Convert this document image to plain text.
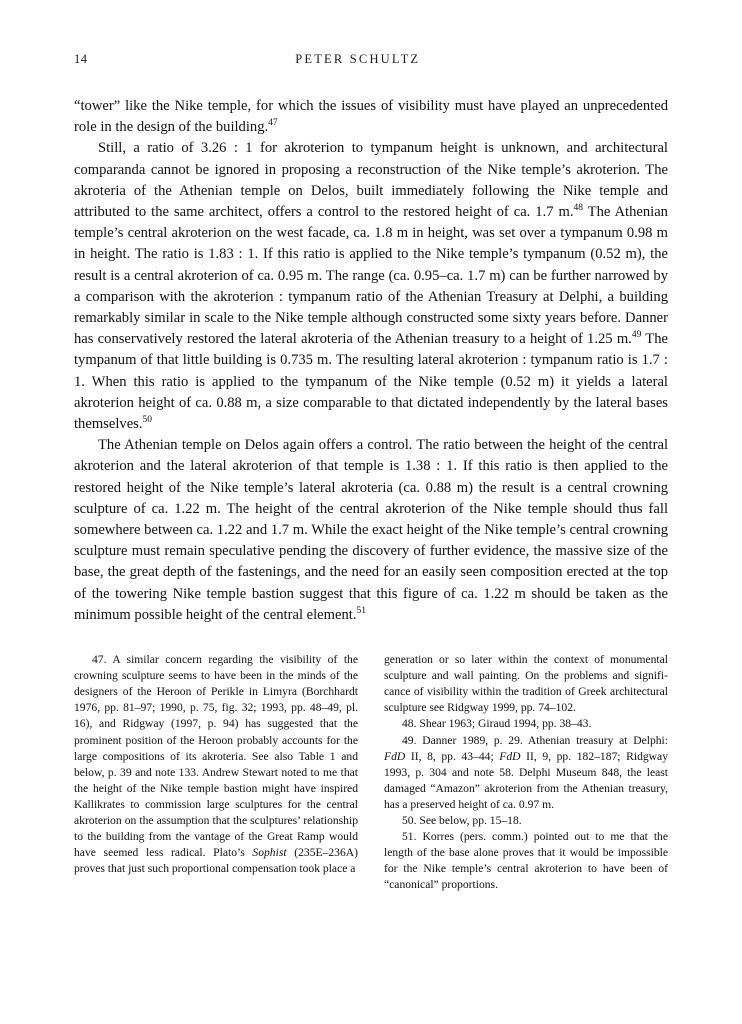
14	PETER SCHULTZ

“tower” like the Nike temple, for which the issues of visibility must have played an unprecedented role in the design of the building.$^{47}$

Still, a ratio of 3.26 : 1 for akroterion to tympanum height is unknown, and architectural comparanda cannot be ignored in proposing a reconstruction of the Nike temple’s akroterion. The akroteria of the Athenian temple on Delos, built immediately following the Nike temple and attributed to the same architect, offers a control to the restored height of ca. 1.7 m.$^{48}$ The Athenian temple’s central akroterion on the west facade, ca. 1.8 m in height, was set over a tympanum 0.98 m in height. The ratio is 1.83 : 1. If this ratio is applied to the Nike temple’s tympanum (0.52 m), the result is a central akroterion of ca. 0.95 m. The range (ca. 0.95–ca. 1.7 m) can be further narrowed by a comparison with the akroterion : tympanum ratio of the Athenian Treasury at Delphi, a building remarkably similar in scale to the Nike temple although constructed some sixty years before. Danner has conservatively restored the lateral akroteria of the Athenian treasury to a height of 1.25 m.$^{49}$ The tympanum of that little building is 0.735 m. The resulting lateral akroterion : tympanum ratio is 1.7 : 1. When this ratio is applied to the tympanum of the Nike temple (0.52 m) it yields a lateral akroterion height of ca. 0.88 m, a size comparable to that dictated independently by the lateral bases themselves.$^{50}$

The Athenian temple on Delos again offers a control. The ratio between the height of the central akroterion and the lateral akroterion of that temple is 1.38 : 1. If this ratio is then applied to the restored height of the Nike temple’s lateral akroteria (ca. 0.88 m) the result is a central crowning sculpture of ca. 1.22 m. The height of the central akroterion of the Nike temple should thus fall somewhere between ca. 1.22 and 1.7 m. While the exact height of the Nike temple’s central crowning sculpture must remain speculative pending the discovery of further evidence, the massive size of the base, the great depth of the fastenings, and the need for an easily seen composition erected at the top of the towering Nike temple bastion suggest that this figure of ca. 1.22 m should be taken as the minimum possible height of the central element.$^{51}$

47. A similar concern regarding the visibility of the crowning sculpture seems to have been in the minds of the designers of the Heroon of Perikle in Limyra (Borchhardt 1976, pp. 81–97; 1990, p. 75, fig. 32; 1993, pp. 48–49, pl. 16), and Ridgway (1997, p. 94) has suggested that the prominent position of the Heroon probably accounts for the large compositions of its akroteria. See also Table 1 and below, p. 39 and note 133. Andrew Stewart noted to me that the height of the Nike temple bastion might have inspired Kallikrates to commission large sculptures for the central akroterion on the assumption that the sculptures’ relationship to the building from the vantage of the Great Ramp would have seemed less radical. Plato’s Sophist (235E–236A) proves that just such proportional compensation took place a

generation or so later within the context of monumental sculpture and wall painting. On the problems and significance of visibility within the tradition of Greek architectural sculpture see Ridgway 1999, pp. 74–102.

48. Shear 1963; Giraud 1994, pp. 38–43.

49. Danner 1989, p. 29. Athenian treasury at Delphi: FdD II, 8, pp. 43–44; FdD II, 9, pp. 182–187; Ridgway 1993, p. 304 and note 58. Delphi Museum 848, the least damaged “Amazon” akroterion from the Athenian treasury, has a preserved height of ca. 0.97 m.

50. See below, pp. 15–18.

51. Korres (pers. comm.) pointed out to me that the length of the base alone proves that it would be impossible for the Nike temple’s central akroterion to have been of “canonical” proportions.
